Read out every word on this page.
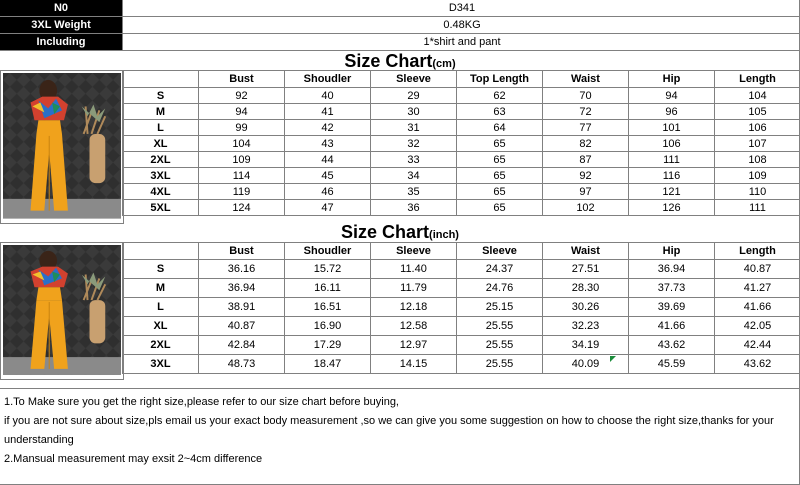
N0	D341
3XL Weight	0.48KG
Including	1*shirt and pant
Size Chart(cm)
	Bust	Shoudler	Sleeve	Top Length	Waist	Hip	Length
S	92	40	29	62	70	94	104
M	94	41	30	63	72	96	105
L	99	42	31	64	77	101	106
XL	104	43	32	65	82	106	107
2XL	109	44	33	65	87	111	108
3XL	114	45	34	65	92	116	109
4XL	119	46	35	65	97	121	110
5XL	124	47	36	65	102	126	111
Size Chart(inch)
	Bust	Shoudler	Sleeve	Sleeve	Waist	Hip	Length
S	36.16	15.72	11.40	24.37	27.51	36.94	40.87
M	36.94	16.11	11.79	24.76	28.30	37.73	41.27
L	38.91	16.51	12.18	25.15	30.26	39.69	41.66
XL	40.87	16.90	12.58	25.55	32.23	41.66	42.05
2XL	42.84	17.29	12.97	25.55	34.19	43.62	42.44
3XL	48.73	18.47	14.15	25.55	40.09	45.59	43.62

1.To Make sure you get the right size,please refer to our size chart before buying,

if you are not sure about size,pls email us your exact body measurement ,so we can give you some suggestion on how to choose the right size,thanks for your understanding

2.Mansual measurement may exsit 2~4cm difference
